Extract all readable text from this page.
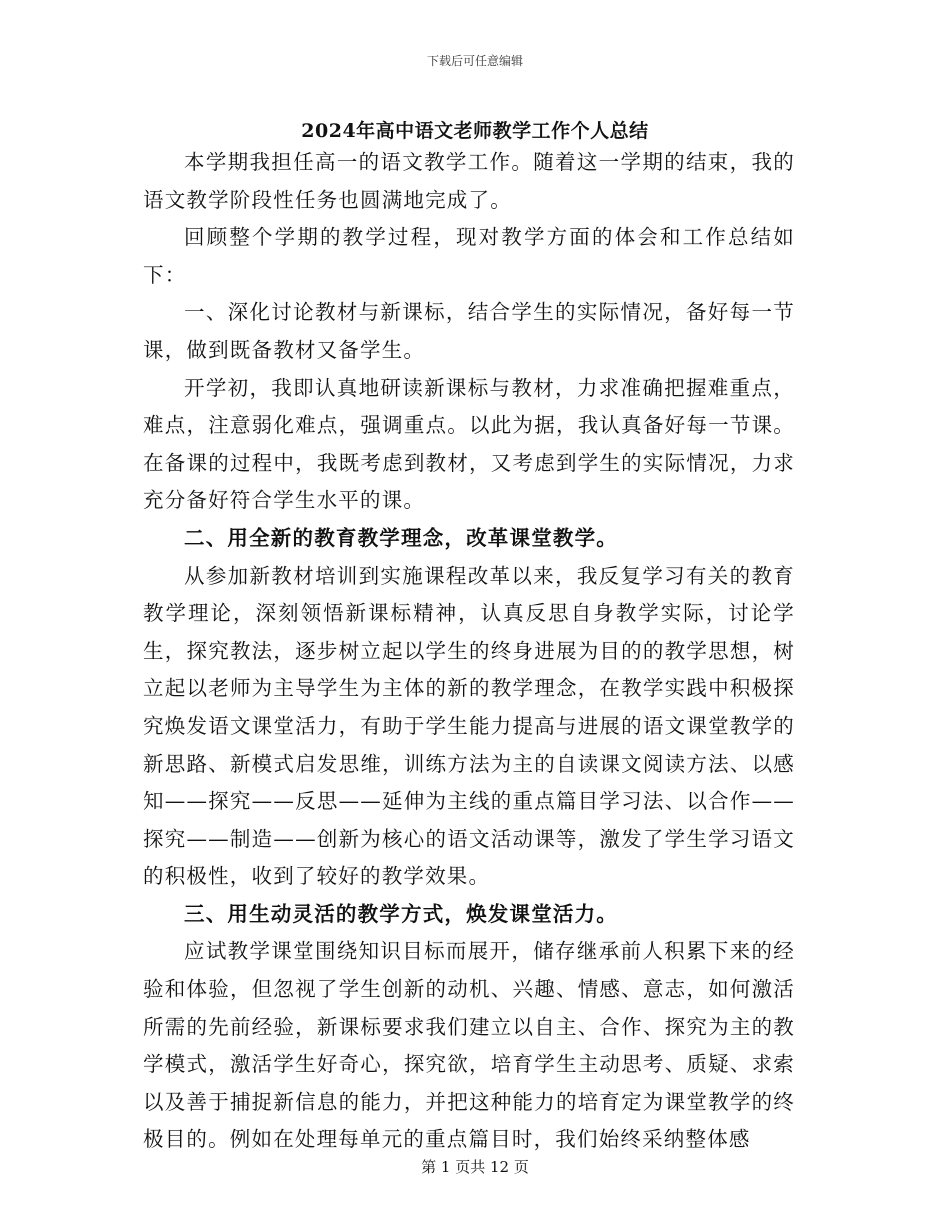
下载后可任意编辑
2024年高中语文老师教学工作个人总结

本学期我担任高一的语文教学工作。随着这一学期的结束，我的语文教学阶段性任务也圆满地完成了。

回顾整个学期的教学过程，现对教学方面的体会和工作总结如下：

一、深化讨论教材与新课标，结合学生的实际情况，备好每一节课，做到既备教材又备学生。

开学初，我即认真地研读新课标与教材，力求准确把握难重点，难点，注意弱化难点，强调重点。以此为据，我认真备好每一节课。在备课的过程中，我既考虑到教材，又考虑到学生的实际情况，力求充分备好符合学生水平的课。

二、用全新的教育教学理念，改革课堂教学。

从参加新教材培训到实施课程改革以来，我反复学习有关的教育教学理论，深刻领悟新课标精神，认真反思自身教学实际，讨论学生，探究教法，逐步树立起以学生的终身进展为目的的教学思想，树立起以老师为主导学生为主体的新的教学理念，在教学实践中积极探究焕发语文课堂活力，有助于学生能力提高与进展的语文课堂教学的新思路、新模式启发思维，训练方法为主的自读课文阅读方法、以感知——探究——反思——延伸为主线的重点篇目学习法、以合作——探究——制造——创新为核心的语文活动课等，激发了学生学习语文的积极性，收到了较好的教学效果。

三、用生动灵活的教学方式，焕发课堂活力。

应试教学课堂围绕知识目标而展开，储存继承前人积累下来的经验和体验，但忽视了学生创新的动机、兴趣、情感、意志，如何激活所需的先前经验，新课标要求我们建立以自主、合作、探究为主的教学模式，激活学生好奇心，探究欲，培育学生主动思考、质疑、求索以及善于捕捉新信息的能力，并把这种能力的培育定为课堂教学的终极目的。例如在处理每单元的重点篇目时，我们始终采纳整体感

第 1 页共 12 页
